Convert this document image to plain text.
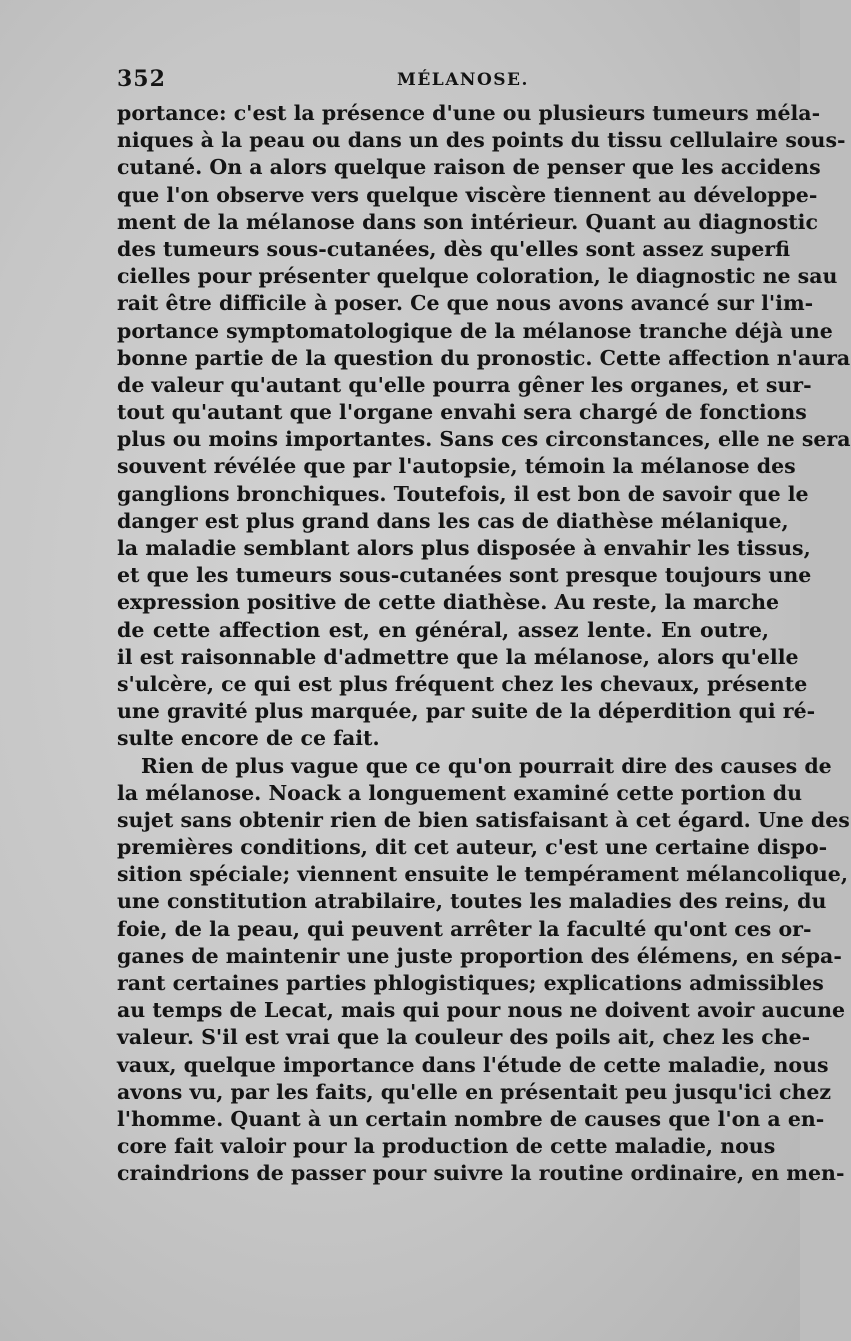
352	MÉLANOSE.
portance: c'est la présence d'une ou plusieurs tumeurs méla-
niques à la peau ou dans un des points du tissu cellulaire sous-
cutané. On a alors quelque raison de penser que les accidens
que l'on observe vers quelque viscère tiennent au développe-
ment de la mélanose dans son intérieur. Quant au diagnostic
des tumeurs sous-cutanées, dès qu'elles sont assez superfi
cielles pour présenter quelque coloration, le diagnostic ne sau
rait être difficile à poser. Ce que nous avons avancé sur l'im-
portance symptomatologique de la mélanose tranche déjà une
bonne partie de la question du pronostic. Cette affection n'aura
de valeur qu'autant qu'elle pourra gêner les organes, et sur-
tout qu'autant que l'organe envahi sera chargé de fonctions
plus ou moins importantes. Sans ces circonstances, elle ne sera
souvent révélée que par l'autopsie, témoin la mélanose des
ganglions bronchiques. Toutefois, il est bon de savoir que le
danger est plus grand dans les cas de diathèse mélanique,
la maladie semblant alors plus disposée à envahir les tissus,
et que les tumeurs sous-cutanées sont presque toujours une
expression positive de cette diathèse. Au reste, la marche
de cette affection est, en général, assez lente. En outre,
il est raisonnable d'admettre que la mélanose, alors qu'elle
s'ulcère, ce qui est plus fréquent chez les chevaux, présente
une gravité plus marquée, par suite de la déperdition qui ré-
sulte encore de ce fait.
Rien de plus vague que ce qu'on pourrait dire des causes de
la mélanose. Noack a longuement examiné cette portion du
sujet sans obtenir rien de bien satisfaisant à cet égard. Une des
premières conditions, dit cet auteur, c'est une certaine dispo-
sition spéciale; viennent ensuite le tempérament mélancolique,
une constitution atrabilaire, toutes les maladies des reins, du
foie, de la peau, qui peuvent arrêter la faculté qu'ont ces or-
ganes de maintenir une juste proportion des élémens, en sépa-
rant certaines parties phlogistiques; explications admissibles
au temps de Lecat, mais qui pour nous ne doivent avoir aucune
valeur. S'il est vrai que la couleur des poils ait, chez les che-
vaux, quelque importance dans l'étude de cette maladie, nous
avons vu, par les faits, qu'elle en présentait peu jusqu'ici chez
l'homme. Quant à un certain nombre de causes que l'on a en-
core fait valoir pour la production de cette maladie, nous
craindrions de passer pour suivre la routine ordinaire, en men-
